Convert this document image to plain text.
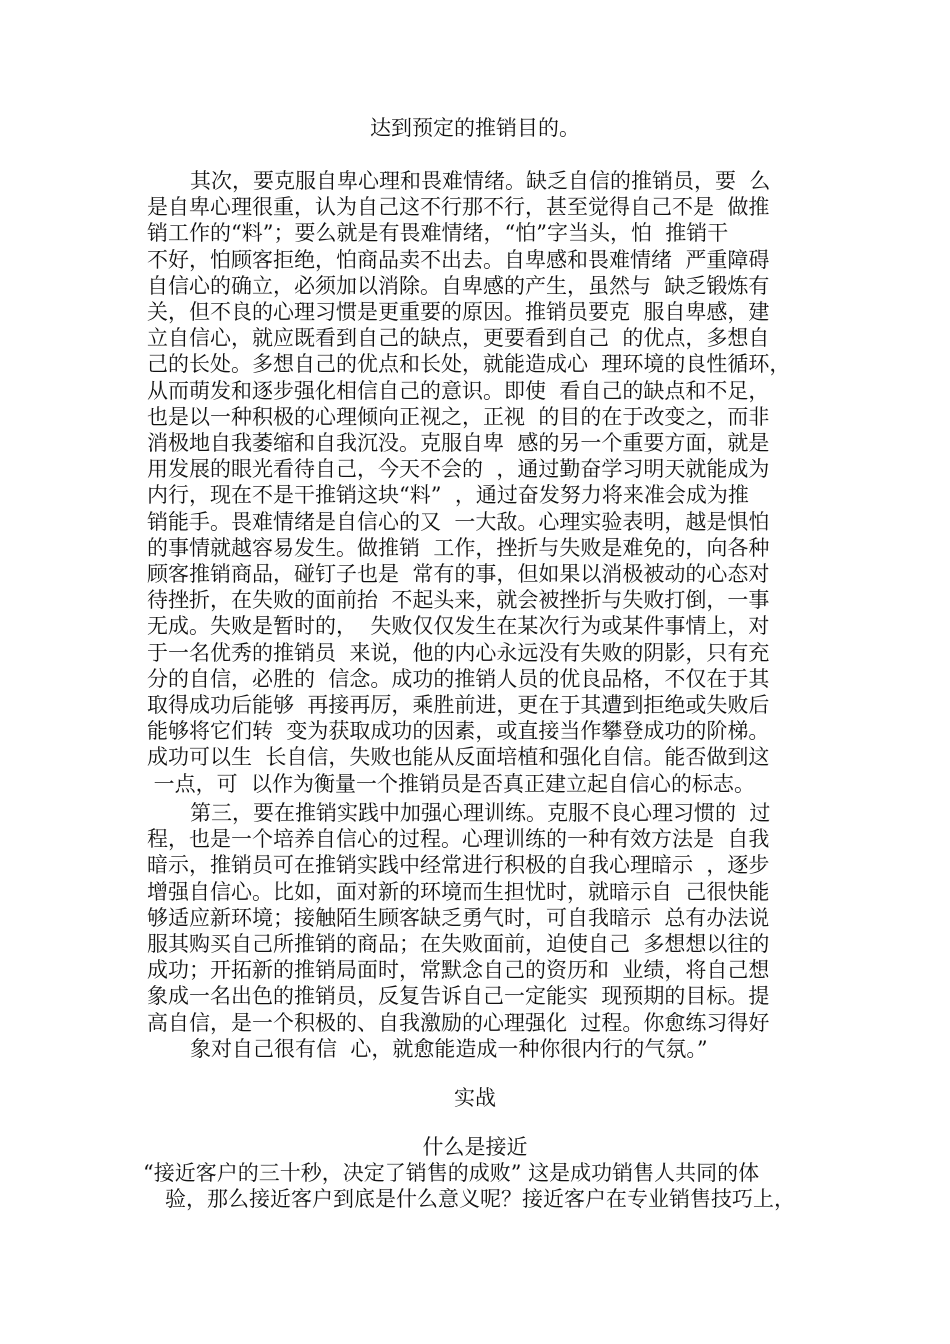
达到预定的推销目的。
其次，要克服自卑心理和畏难情绪。缺乏自信的推销员，要  么
是自卑心理很重，认为自己这不行那不行，甚至觉得自己不是  做推
销工作的“料”；要么就是有畏难情绪，“怕”字当头，怕  推销干
不好，怕顾客拒绝，怕商品卖不出去。自卑感和畏难情绪  严重障碍
自信心的确立，必须加以消除。自卑感的产生，虽然与  缺乏锻炼有
关，但不良的心理习惯是更重要的原因。推销员要克  服自卑感，建
立自信心，就应既看到自己的缺点，更要看到自己  的优点，多想自
己的长处。多想自己的优点和长处，就能造成心  理环境的良性循环，
从而萌发和逐步强化相信自己的意识。即使  看自己的缺点和不足，
也是以一种积极的心理倾向正视之，正视  的目的在于改变之，而非
消极地自我萎缩和自我沉没。克服自卑  感的另一个重要方面，就是
用发展的眼光看待自己，今天不会的  ，通过勤奋学习明天就能成为
内行，现在不是干推销这块“料”  ，通过奋发努力将来准会成为推
销能手。畏难情绪是自信心的又  一大敌。心理实验表明，越是惧怕
的事情就越容易发生。做推销  工作，挫折与失败是难免的，向各种
顾客推销商品，碰钉子也是  常有的事，但如果以消极被动的心态对
待挫折，在失败的面前抬  不起头来，就会被挫折与失败打倒，一事
无成。失败是暂时的，  失败仅仅发生在某次行为或某件事情上，对
于一名优秀的推销员  来说，他的内心永远没有失败的阴影，只有充
分的自信，必胜的  信念。成功的推销人员的优良品格，不仅在于其
取得成功后能够  再接再厉，乘胜前进，更在于其遭到拒绝或失败后
能够将它们转  变为获取成功的因素，或直接当作攀登成功的阶梯。
成功可以生  长自信，失败也能从反面培植和强化自信。能否做到这
一点，可  以作为衡量一个推销员是否真正建立起自信心的标志。
第三，要在推销实践中加强心理训练。克服不良心理习惯的  过
程，也是一个培养自信心的过程。心理训练的一种有效方法是  自我
暗示，推销员可在推销实践中经常进行积极的自我心理暗示  ，逐步
增强自信心。比如，面对新的环境而生担忧时，就暗示自  己很快能
够适应新环境；接触陌生顾客缺乏勇气时，可自我暗示  总有办法说
服其购买自己所推销的商品；在失败面前，迫使自己  多想想以往的
成功；开拓新的推销局面时，常默念自己的资历和  业绩，将自己想
象成一名出色的推销员，反复告诉自己一定能实  现预期的目标。提
高自信，是一个积极的、自我激励的心理强化  过程。你愈练习得好
象对自己很有信  心，就愈能造成一种你很内行的气氛。”
实战
什么是接近
“接近客户的三十秒，决定了销售的成败” 这是成功销售人共同的体
验，那么接近客户到底是什么意义呢？接近客户在专业销售技巧上，
